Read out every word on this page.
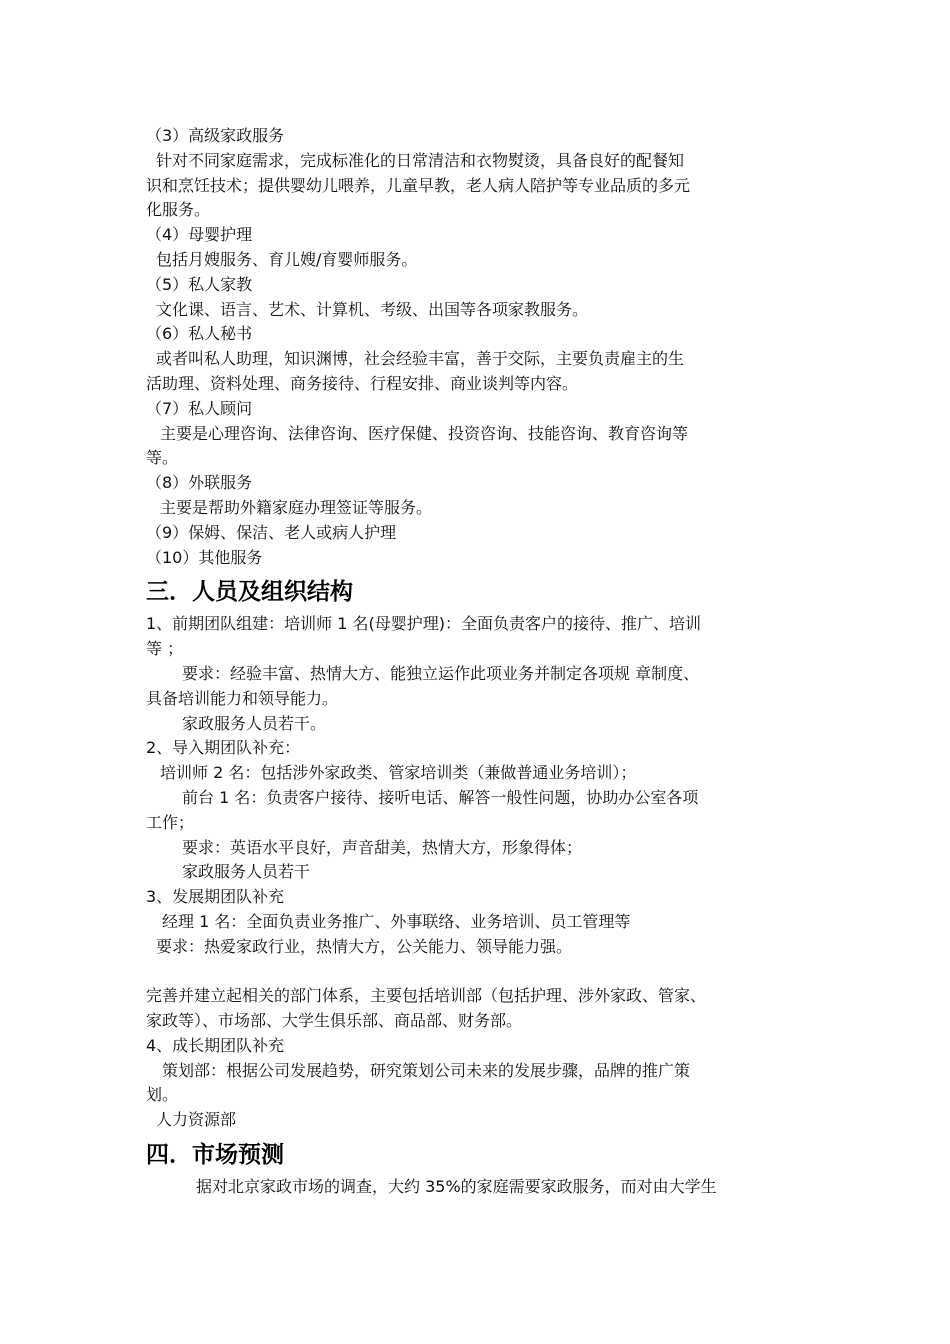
（3）高级家政服务
针对不同家庭需求，完成标准化的日常清洁和衣物熨烫，具备良好的配餐知
识和烹饪技术；提供婴幼儿喂养，儿童早教，老人病人陪护等专业品质的多元
化服务。
（4）母婴护理
包括月嫂服务、育儿嫂/育婴师服务。
（5）私人家教
文化课、语言、艺术、计算机、考级、出国等各项家教服务。
（6）私人秘书
或者叫私人助理，知识渊博，社会经验丰富，善于交际，主要负责雇主的生
活助理、资料处理、商务接待、行程安排、商业谈判等内容。
（7）私人顾问
主要是心理咨询、法律咨询、医疗保健、投资咨询、技能咨询、教育咨询等
等。
（8）外联服务
主要是帮助外籍家庭办理签证等服务。
（9）保姆、保洁、老人或病人护理
（10）其他服务
三．人员及组织结构
1、前期团队组建：培训师 1 名(母婴护理)：全面负责客户的接待、推广、培训
等 ；
要求：经验丰富、热情大方、能独立运作此项业务并制定各项规 章制度、
具备培训能力和领导能力。
家政服务人员若干。
2、导入期团队补充：
培训师 2 名：包括涉外家政类、管家培训类（兼做普通业务培训）；
前台 1 名：负责客户接待、接听电话、解答一般性问题，协助办公室各项
工作；
要求：英语水平良好，声音甜美，热情大方，形象得体；
家政服务人员若干
3、发展期团队补充
经理 1 名：全面负责业务推广、外事联络、业务培训、员工管理等
要求：热爱家政行业，热情大方，公关能力、领导能力强。
完善并建立起相关的部门体系，主要包括培训部（包括护理、涉外家政、管家、
家政等）、市场部、大学生俱乐部、商品部、财务部。
4、成长期团队补充
策划部：根据公司发展趋势，研究策划公司未来的发展步骤，品牌的推广策
划。
人力资源部
四．市场预测
据对北京家政市场的调查，大约 35%的家庭需要家政服务，而对由大学生
